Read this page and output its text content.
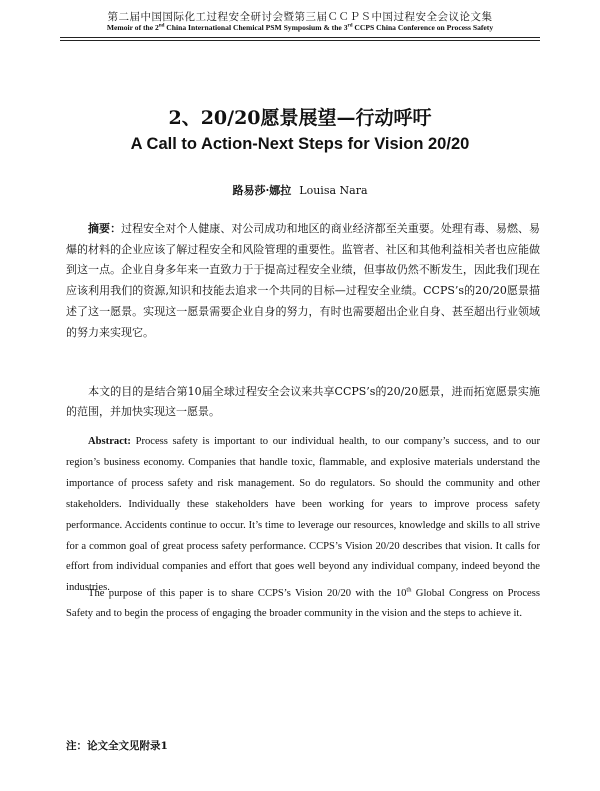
第二届中国国际化工过程安全研讨会暨第三届ＣＣＰＳ中国过程安全会议论文集
Memoir of the 2nd China International Chemical PSM Symposium & the 3rd CCPS China Conference on Process Safety
2、20/20愿景展望—行动呼吁
A Call to Action-Next Steps for Vision 20/20
路易莎·娜拉 Louisa Nara

摘要：过程安全对个人健康、对公司成功和地区的商业经济都至关重要。处理有毒、易燃、易爆的材料的企业应该了解过程安全和风险管理的重要性。监管者、社区和其他利益相关者也应能做到这一点。企业自身多年来一直致力于于提高过程安全业绩，但事故仍然不断发生，因此我们现在应该利用我们的资源,知识和技能去追求一个共同的目标—过程安全业绩。CCPS’s的20/20愿景描述了这一愿景。实现这一愿景需要企业自身的努力，有时也需要超出企业自身、甚至超出行业领域的努力来实现它。

本文的目的是结合第10届全球过程安全会议来共享CCPS’s的20/20愿景，进而拓宽愿景实施的范围，并加快实现这一愿景。

Abstract: Process safety is important to our individual health, to our company’s success, and to our region’s business economy. Companies that handle toxic, flammable, and explosive materials understand the importance of process safety and risk management. So do regulators. So should the community and other stakeholders. Individually these stakeholders have been working for years to improve process safety performance. Accidents continue to occur. It’s time to leverage our resources, knowledge and skills to all strive for a common goal of great process safety performance. CCPS’s Vision 20/20 describes that vision. It calls for effort from individual companies and effort that goes well beyond any individual company, indeed beyond the industries.

The purpose of this paper is to share CCPS’s Vision 20/20 with the 10th Global Congress on Process Safety and to begin the process of engaging the broader community in the vision and the steps to achieve it.

注：论文全文见附录1
